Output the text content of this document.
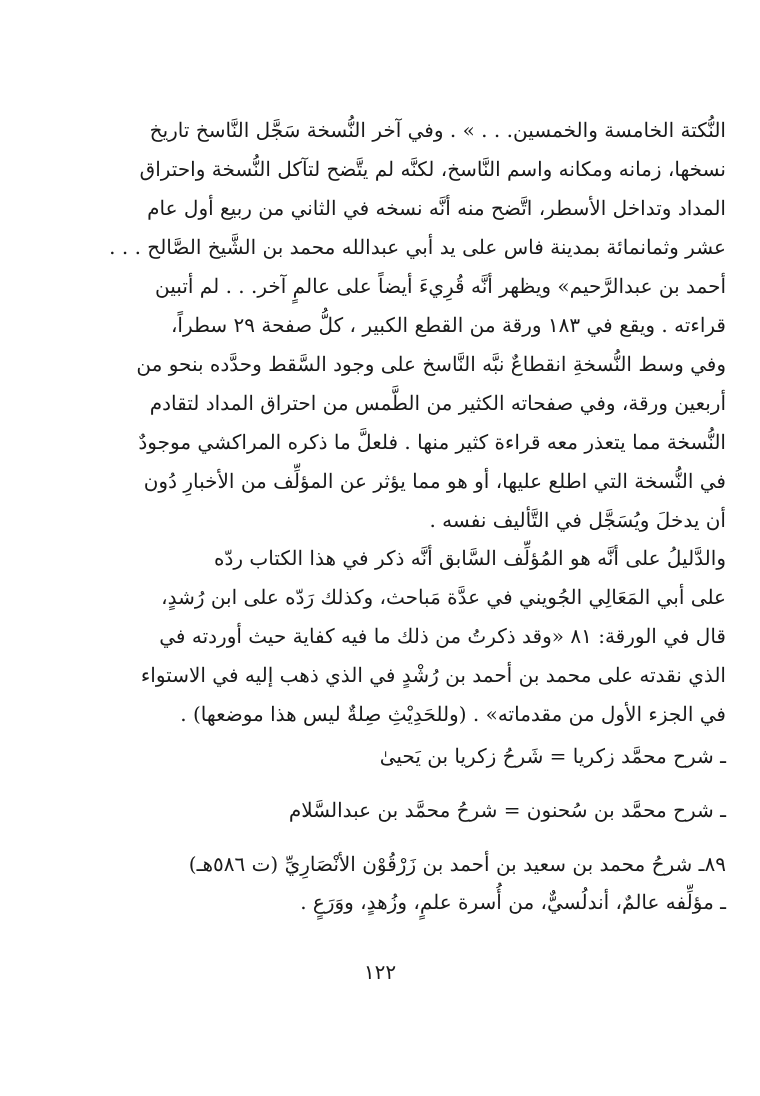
النُّكتة الخامسة والخمسين. . . » . وفي آخر النُّسخة سَجَّل النَّاسخ تاريخ
نسخها، زمانه ومكانه واسم النَّاسخ، لكنَّه لم يتَّضح لتآكل النُّسخة واحتراق
المداد وتداخل الأسطر، اتَّضح منه أنَّه نسخه في الثاني من ربيع أول عام
عشر وثمانمائة بمدينة فاس على يد أبي عبدالله محمد بن الشَّيخ الصَّالح . . .
أحمد بن عبدالرَّحيم» ويظهر أنَّه قُرِيءَ أيضاً على عالمٍ آخر. . . لم أتبين
قراءته . ويقع في ١٨٣ ورقة من القطع الكبير ، كلُّ صفحة ٢٩ سطراً،
وفي وسط النُّسخةِ انقطاعٌ نبَّه النَّاسخ على وجود السَّقط وحدَّده بنحو من
أربعين ورقة، وفي صفحاته الكثير من الطَّمس من احتراق المداد لتقادم
النُّسخة مما يتعذر معه قراءة كثير منها . فلعلَّ ما ذكره المراكشي موجودٌ
في النُّسخة التي اطلع عليها، أو هو مما يؤثر عن المؤلِّف من الأخبارِ دُون
أن يدخلَ ويُسَجَّل في التَّأليف نفسه .
والدَّليلُ على أنَّه هو المُؤلِّف السَّابق أنَّه ذكر في هذا الكتاب ردّه
على أبي المَعَالِي الجُويني في عدَّة مَباحث، وكذلك رَدّه على ابن رُشدٍ،
قال في الورقة: ٨١ «وقد ذكرتُ من ذلك ما فيه كفاية حيث أوردته في
الذي نقدته على محمد بن أحمد بن رُشْدٍ في الذي ذهب إليه في الاستواء
في الجزء الأول من مقدماته» . (وللحَدِيْثِ صِلةٌ ليس هذا موضعها) .
ـ شرح محمَّد زكريا = شَرحُ زكريا بن يَحيىٰ
ـ شرح محمَّد بن سُحنون = شرحُ محمَّد بن عبدالسَّلام
٨٩ـ شرحُ محمد بن سعيد بن أحمد بن زَرْقُوْن الأنْصَارِيِّ (ت ٥٨٦هـ)
ـ مؤلِّفه عالمٌ، أندلُسيٌّ، من أُسرة علمٍ، وزُهدٍ، ووَرَعٍ .
١٢٢
